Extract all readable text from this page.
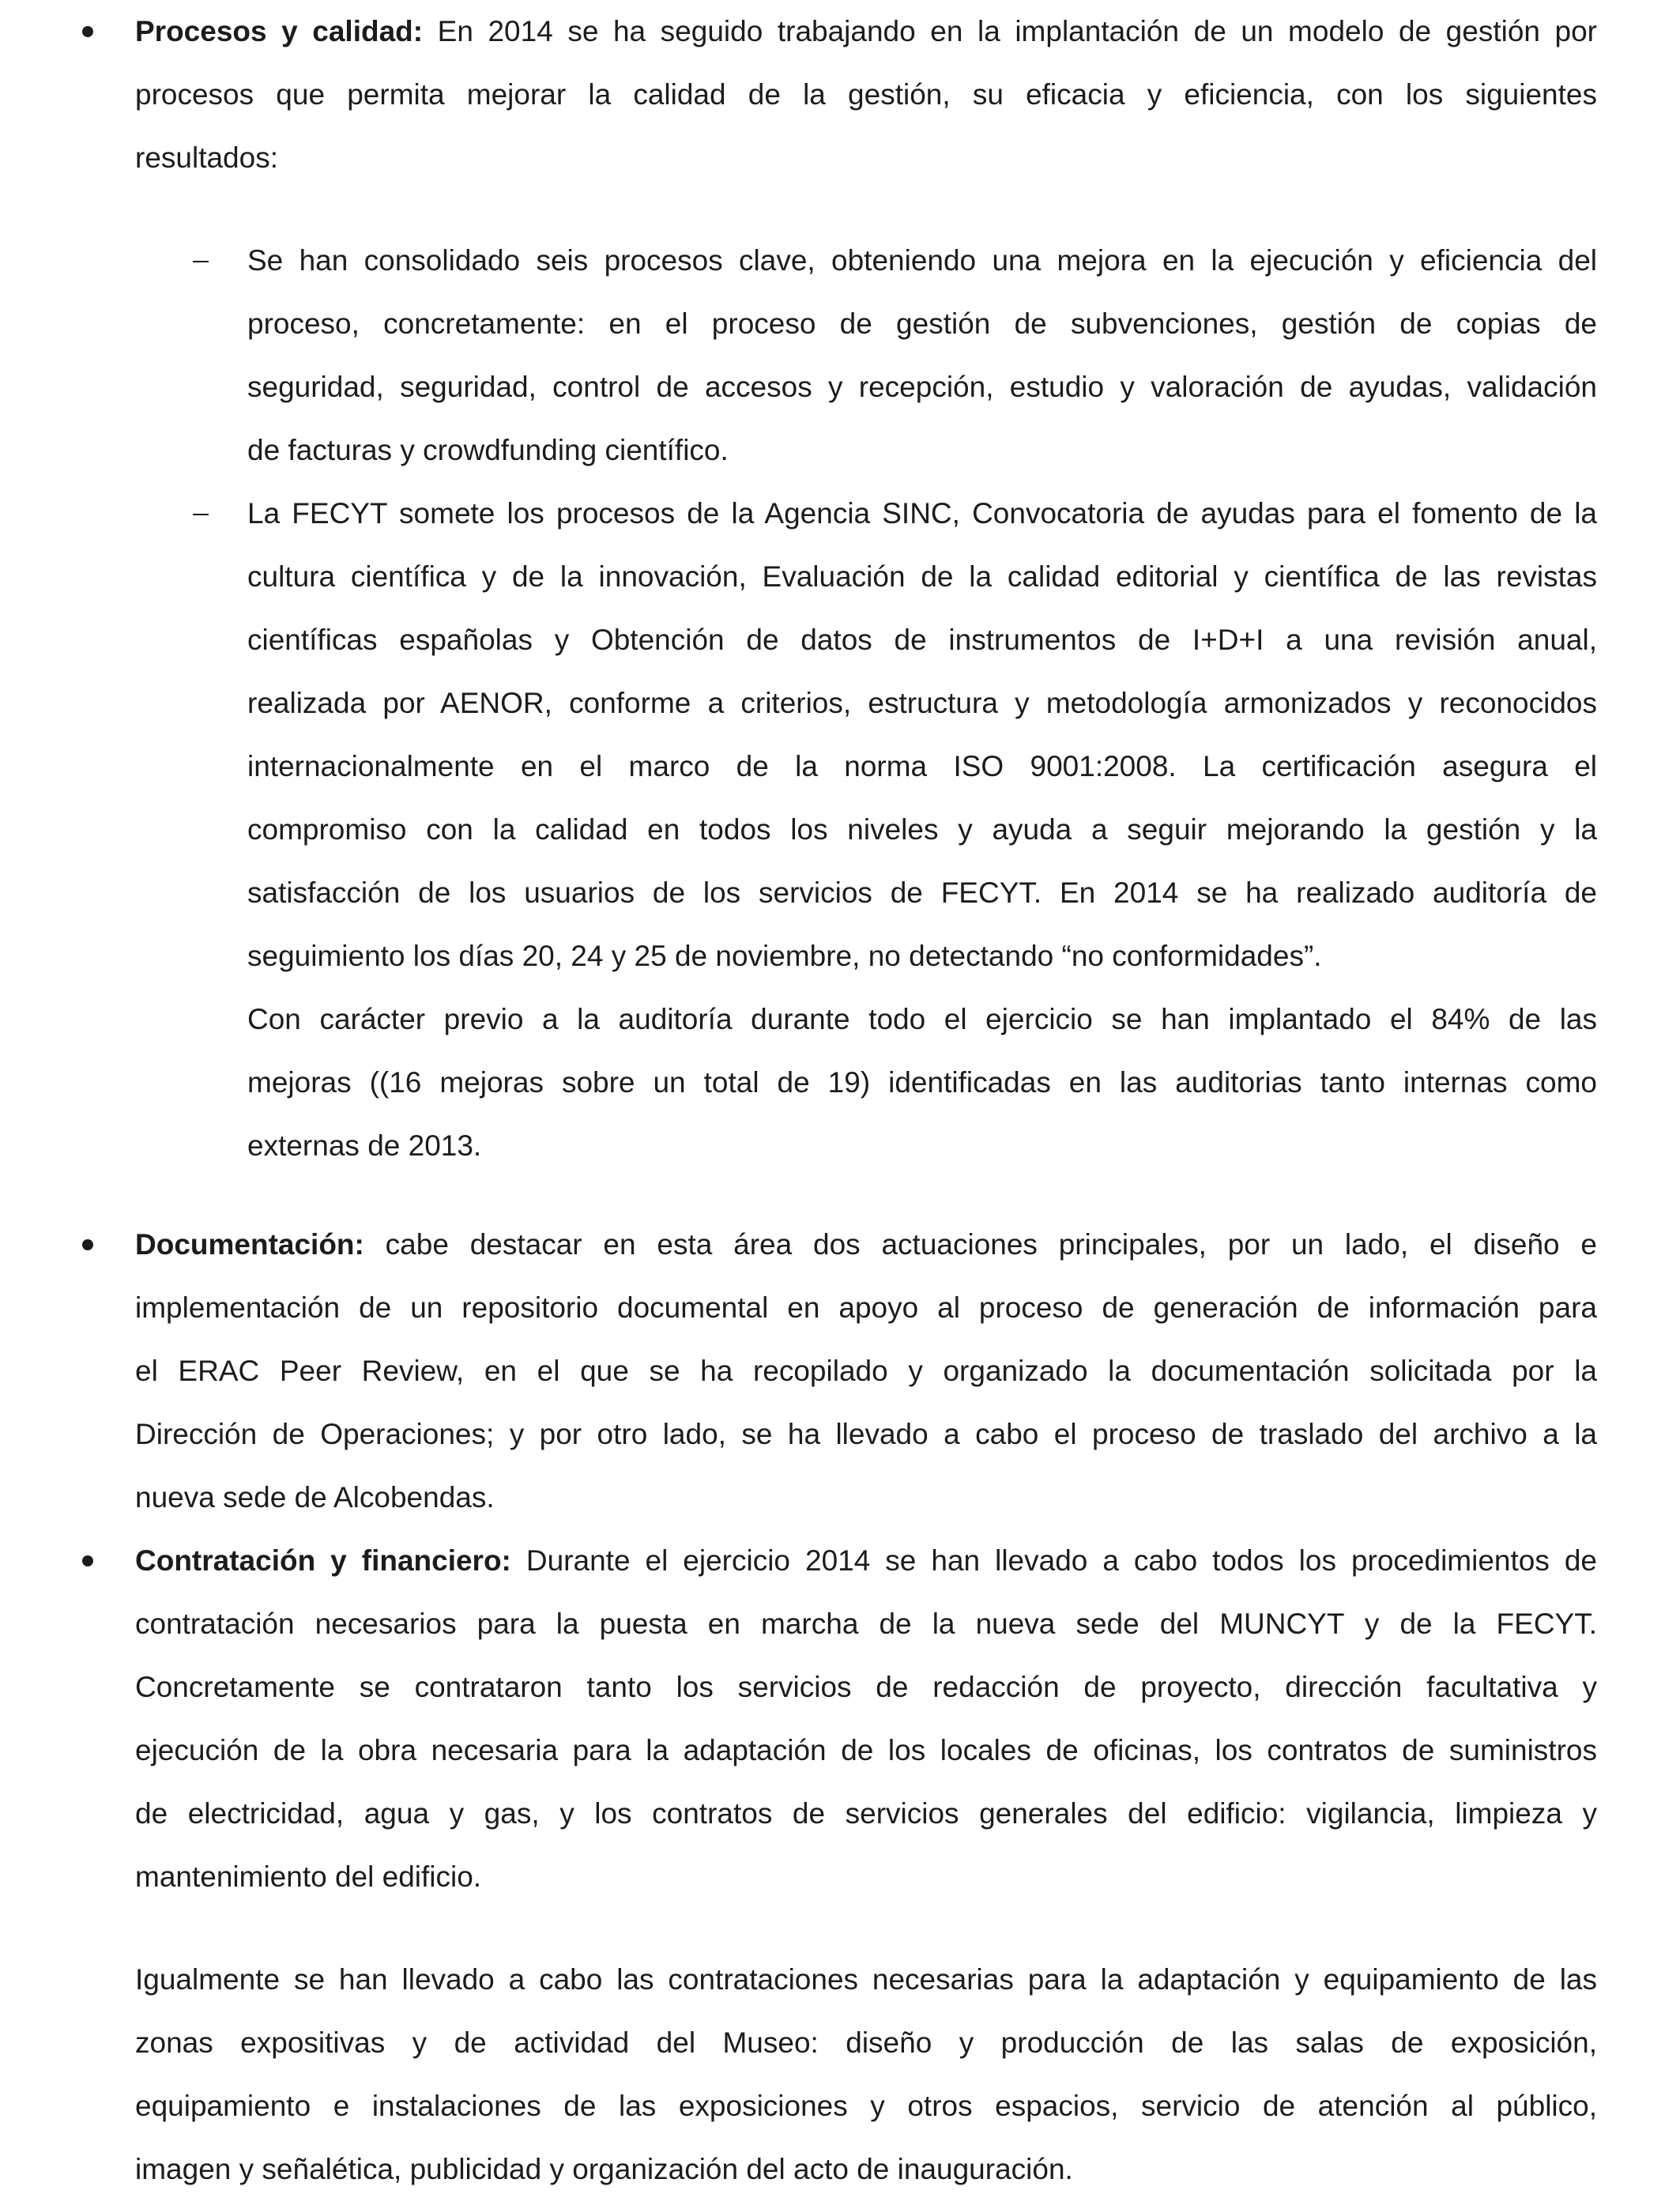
Procesos y calidad: En 2014 se ha seguido trabajando en la implantación de un modelo de gestión por
procesos que permita mejorar la calidad de la gestión, su eficacia y eficiencia, con los siguientes
resultados:
Se han consolidado seis procesos clave, obteniendo una mejora en la ejecución y eficiencia del
proceso, concretamente: en el proceso de gestión de subvenciones, gestión de copias de
seguridad, seguridad, control de accesos y recepción, estudio y valoración de ayudas, validación
de facturas y crowdfunding científico.
La FECYT somete los procesos de la Agencia SINC, Convocatoria de ayudas para el fomento de la
cultura científica y de la innovación, Evaluación de la calidad editorial y científica de las revistas
científicas españolas y Obtención de datos de instrumentos de I+D+I a una revisión anual,
realizada por AENOR, conforme a criterios, estructura y metodología armonizados y reconocidos
internacionalmente en el marco de la norma ISO 9001:2008. La certificación asegura el
compromiso con la calidad en todos los niveles y ayuda a seguir mejorando la gestión y la
satisfacción de los usuarios de los servicios de FECYT. En 2014 se ha realizado auditoría de
seguimiento los días 20, 24 y 25 de noviembre, no detectando “no conformidades”.
Con carácter previo a la auditoría durante todo el ejercicio se han implantado el 84% de las
mejoras ((16 mejoras sobre un total de 19) identificadas en las auditorias tanto internas como
externas de 2013.
Documentación: cabe destacar en esta área dos actuaciones principales, por un lado, el diseño e
implementación de un repositorio documental en apoyo al proceso de generación de información para
el ERAC Peer Review, en el que se ha recopilado y organizado la documentación solicitada por la
Dirección de Operaciones; y por otro lado, se ha llevado a cabo el proceso de traslado del archivo a la
nueva sede de Alcobendas.
Contratación y financiero: Durante el ejercicio 2014 se han llevado a cabo todos los procedimientos de
contratación necesarios para la puesta en marcha de la nueva sede del MUNCYT y de la FECYT.
Concretamente se contrataron tanto los servicios de redacción de proyecto, dirección facultativa y
ejecución de la obra necesaria para la adaptación de los locales de oficinas, los contratos de suministros
de electricidad, agua y gas, y los contratos de servicios generales del edificio: vigilancia, limpieza y
mantenimiento del edificio.
Igualmente se han llevado a cabo las contrataciones necesarias para la adaptación y equipamiento de las
zonas expositivas y de actividad del Museo: diseño y producción de las salas de exposición,
equipamiento e instalaciones de las exposiciones y otros espacios, servicio de atención al público,
imagen y señalética, publicidad y organización del acto de inauguración.
